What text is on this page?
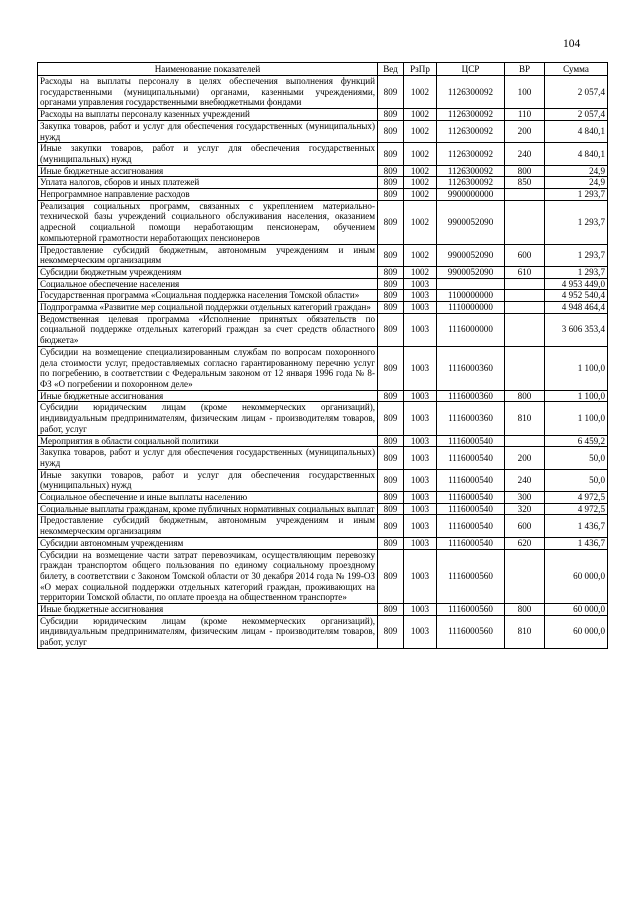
104
Наименование показателей	Вед	РзПр	ЦСР	ВР	Сумма
Расходы на выплаты персоналу в целях обеспечения выполнения функций государственными (муниципальными) органами, казенными учреждениями, органами управления государственными внебюджетными фондами	809	1002	1126300092	100	2 057,4
Расходы на выплаты персоналу казенных учреждений	809	1002	1126300092	110	2 057,4
Закупка товаров, работ и услуг для обеспечения государственных (муниципальных) нужд	809	1002	1126300092	200	4 840,1
Иные закупки товаров, работ и услуг для обеспечения государственных (муниципальных) нужд	809	1002	1126300092	240	4 840,1
Иные бюджетные ассигнования	809	1002	1126300092	800	24,9
Уплата налогов, сборов и иных платежей	809	1002	1126300092	850	24,9
Непрограммное направление расходов	809	1002	9900000000		1 293,7
Реализация социальных программ, связанных с укреплением материально-технической базы учреждений социального обслуживания населения, оказанием адресной социальной помощи неработающим пенсионерам, обучением компьютерной грамотности неработающих пенсионеров	809	1002	9900052090		1 293,7
Предоставление субсидий бюджетным, автономным учреждениям и иным некоммерческим организациям	809	1002	9900052090	600	1 293,7
Субсидии бюджетным учреждениям	809	1002	9900052090	610	1 293,7
Социальное обеспечение населения	809	1003			4 953 449,0
Государственная программа «Социальная поддержка населения Томской области»	809	1003	1100000000		4 952 540,4
Подпрограмма «Развитие мер социальной поддержки отдельных категорий граждан»	809	1003	1110000000		4 948 464,4
Ведомственная целевая программа «Исполнение принятых обязательств по социальной поддержке отдельных категорий граждан за счет средств областного бюджета»	809	1003	1116000000		3 606 353,4
Субсидии на возмещение специализированным службам по вопросам похоронного дела стоимости услуг, предоставляемых согласно гарантированному перечню услуг по погребению, в соответствии с Федеральным законом от 12 января 1996 года № 8-ФЗ «О погребении и похоронном деле»	809	1003	1116000360		1 100,0
Иные бюджетные ассигнования	809	1003	1116000360	800	1 100,0
Субсидии юридическим лицам (кроме некоммерческих организаций), индивидуальным предпринимателям, физическим лицам - производителям товаров, работ, услуг	809	1003	1116000360	810	1 100,0
Мероприятия в области социальной политики	809	1003	1116000540		6 459,2
Закупка товаров, работ и услуг для обеспечения государственных (муниципальных) нужд	809	1003	1116000540	200	50,0
Иные закупки товаров, работ и услуг для обеспечения государственных (муниципальных) нужд	809	1003	1116000540	240	50,0
Социальное обеспечение и иные выплаты населению	809	1003	1116000540	300	4 972,5
Социальные выплаты гражданам, кроме публичных нормативных социальных выплат	809	1003	1116000540	320	4 972,5
Предоставление субсидий бюджетным, автономным учреждениям и иным некоммерческим организациям	809	1003	1116000540	600	1 436,7
Субсидии автономным учреждениям	809	1003	1116000540	620	1 436,7
Субсидии на возмещение части затрат перевозчикам, осуществляющим перевозку граждан транспортом общего пользования по единому социальному проездному билету, в соответствии с Законом Томской области от 30 декабря 2014 года № 199-ОЗ «О мерах социальной поддержки отдельных категорий граждан, проживающих на территории Томской области, по оплате проезда на общественном транспорте»	809	1003	1116000560		60 000,0
Иные бюджетные ассигнования	809	1003	1116000560	800	60 000,0
Субсидии юридическим лицам (кроме некоммерческих организаций), индивидуальным предпринимателям, физическим лицам - производителям товаров, работ, услуг	809	1003	1116000560	810	60 000,0
